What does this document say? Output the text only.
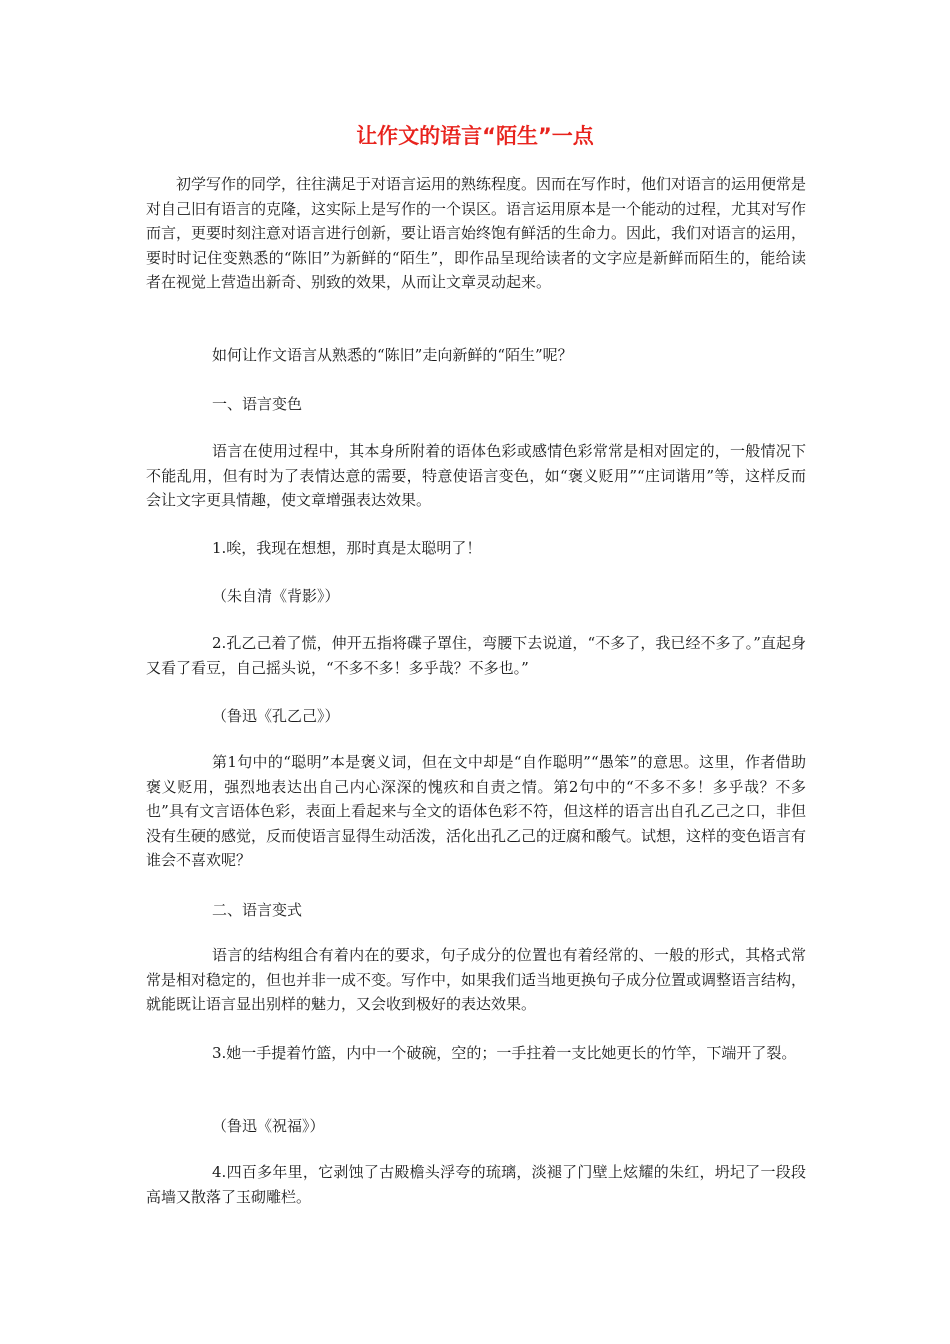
让作文的语言“陌生”一点

初学写作的同学，往往满足于对语言运用的熟练程度。因而在写作时，他们对语言的运用便常是对自己旧有语言的克隆，这实际上是写作的一个误区。语言运用原本是一个能动的过程，尤其对写作而言，更要时刻注意对语言进行创新，要让语言始终饱有鲜活的生命力。因此，我们对语言的运用，要时时记住变熟悉的“陈旧”为新鲜的“陌生”，即作品呈现给读者的文字应是新鲜而陌生的，能给读者在视觉上营造出新奇、别致的效果，从而让文章灵动起来。

如何让作文语言从熟悉的“陈旧”走向新鲜的“陌生”呢？

一、语言变色

语言在使用过程中，其本身所附着的语体色彩或感情色彩常常是相对固定的，一般情况下不能乱用，但有时为了表情达意的需要，特意使语言变色，如“褒义贬用”“庄词谐用”等，这样反而会让文字更具情趣，使文章增强表达效果。

1.唉，我现在想想，那时真是太聪明了！

（朱自清《背影》）

2.孔乙己着了慌，伸开五指将碟子罩住，弯腰下去说道，“不多了，我已经不多了。”直起身又看了看豆，自己摇头说，“不多不多！多乎哉？不多也。”

（鲁迅《孔乙己》）

第1句中的“聪明”本是褒义词，但在文中却是“自作聪明”“愚笨”的意思。这里，作者借助褒义贬用，强烈地表达出自己内心深深的愧疚和自责之情。第2句中的“不多不多！多乎哉？不多也”具有文言语体色彩，表面上看起来与全文的语体色彩不符，但这样的语言出自孔乙己之口，非但没有生硬的感觉，反而使语言显得生动活泼，活化出孔乙己的迂腐和酸气。试想，这样的变色语言有谁会不喜欢呢？

二、语言变式

语言的结构组合有着内在的要求，句子成分的位置也有着经常的、一般的形式，其格式常常是相对稳定的，但也并非一成不变。写作中，如果我们适当地更换句子成分位置或调整语言结构，就能既让语言显出别样的魅力，又会收到极好的表达效果。

3.她一手提着竹篮，内中一个破碗，空的；一手拄着一支比她更长的竹竿，下端开了裂。

（鲁迅《祝福》）

4.四百多年里，它剥蚀了古殿檐头浮夸的琉璃，淡褪了门壁上炫耀的朱红，坍圮了一段段高墙又散落了玉砌雕栏。
